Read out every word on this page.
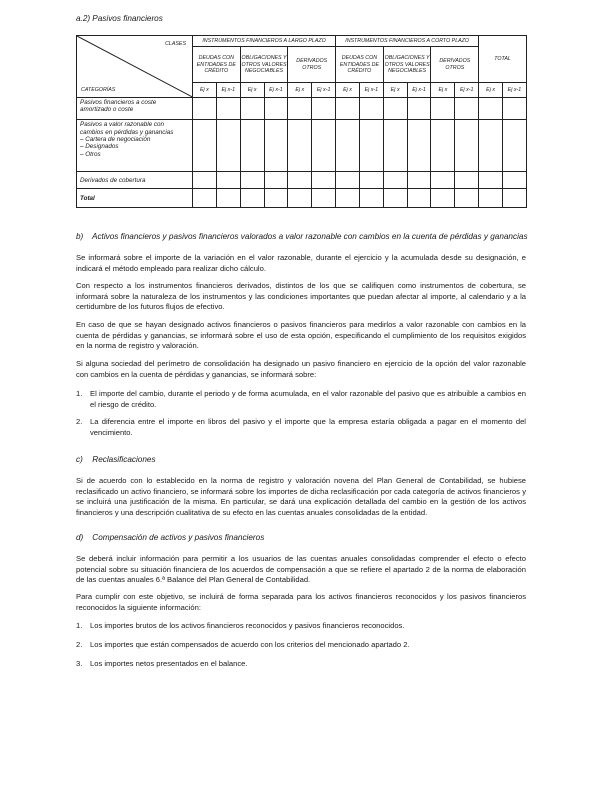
a.2) Pasivos financieros
CLASES
CATEGORÍAS	INSTRUMENTOS FINANCIEROS A LARGO PLAZO						INSTRUMENTOS FINANCIEROS A CORTO PLAZO						TOTAL	
	DEUDAS CON ENTIDADES DE CRÉDITO		OBLIGACIONES Y OTROS VALORES NEGOCIABLES		DERIVADOS OTROS		DEUDAS CON ENTIDADES DE CRÉDITO		OBLIGACIONES Y OTROS VALORES NEGOCIABLES		DERIVADOS OTROS			
	Ej x	Ej x-1	Ej x	Ej x-1	Ej x	Ej x-1	Ej x	Ej x-1	Ej x	Ej x-1	Ej x	Ej x-1	Ej x	Ej x-1
Pasivos financieros a coste amortizado o coste														
Pasivos a valor razonable con cambios en pérdidas y ganancias
– Cartera de negociación
– Designados
– Otros														
Derivados de cobertura														
Total														
b) Activos financieros y pasivos financieros valorados a valor razonable con cambios en la cuenta de pérdidas y ganancias

Se informará sobre el importe de la variación en el valor razonable, durante el ejercicio y la acumulada desde su designación, e indicará el método empleado para realizar dicho cálculo.

Con respecto a los instrumentos financieros derivados, distintos de los que se califiquen como instrumentos de cobertura, se informará sobre la naturaleza de los instrumentos y las condiciones importantes que puedan afectar al importe, al calendario y a la certidumbre de los futuros flujos de efectivo.

En caso de que se hayan designado activos financieros o pasivos financieros para medirlos a valor razonable con cambios en la cuenta de pérdidas y ganancias, se informará sobre el uso de esta opción, especificando el cumplimiento de los requisitos exigidos en la norma de registro y valoración.

Si alguna sociedad del perímetro de consolidación ha designado un pasivo financiero en ejercicio de la opción del valor razonable con cambios en la cuenta de pérdidas y ganancias, se informará sobre:

1. El importe del cambio, durante el periodo y de forma acumulada, en el valor razonable del pasivo que es atribuible a cambios en el riesgo de crédito.
2. La diferencia entre el importe en libros del pasivo y el importe que la empresa estaría obligada a pagar en el momento del vencimiento.
c) Reclasificaciones

Si de acuerdo con lo establecido en la norma de registro y valoración novena del Plan General de Contabilidad, se hubiese reclasificado un activo financiero, se informará sobre los importes de dicha reclasificación por cada categoría de activos financieros y se incluirá una justificación de la misma. En particular, se dará una explicación detallada del cambio en la gestión de los activos financieros y una descripción cualitativa de su efecto en las cuentas anuales consolidadas de la entidad.

d) Compensación de activos y pasivos financieros

Se deberá incluir información para permitir a los usuarios de las cuentas anuales consolidadas comprender el efecto o efecto potencial sobre su situación financiera de los acuerdos de compensación a que se refiere el apartado 2 de la norma de elaboración de las cuentas anuales 6.ª Balance del Plan General de Contabilidad.

Para cumplir con este objetivo, se incluirá de forma separada para los activos financieros reconocidos y los pasivos financieros reconocidos la siguiente información:

1. Los importes brutos de los activos financieros reconocidos y pasivos financieros reconocidos.
2. Los importes que están compensados de acuerdo con los criterios del mencionado apartado 2.
3. Los importes netos presentados en el balance.
